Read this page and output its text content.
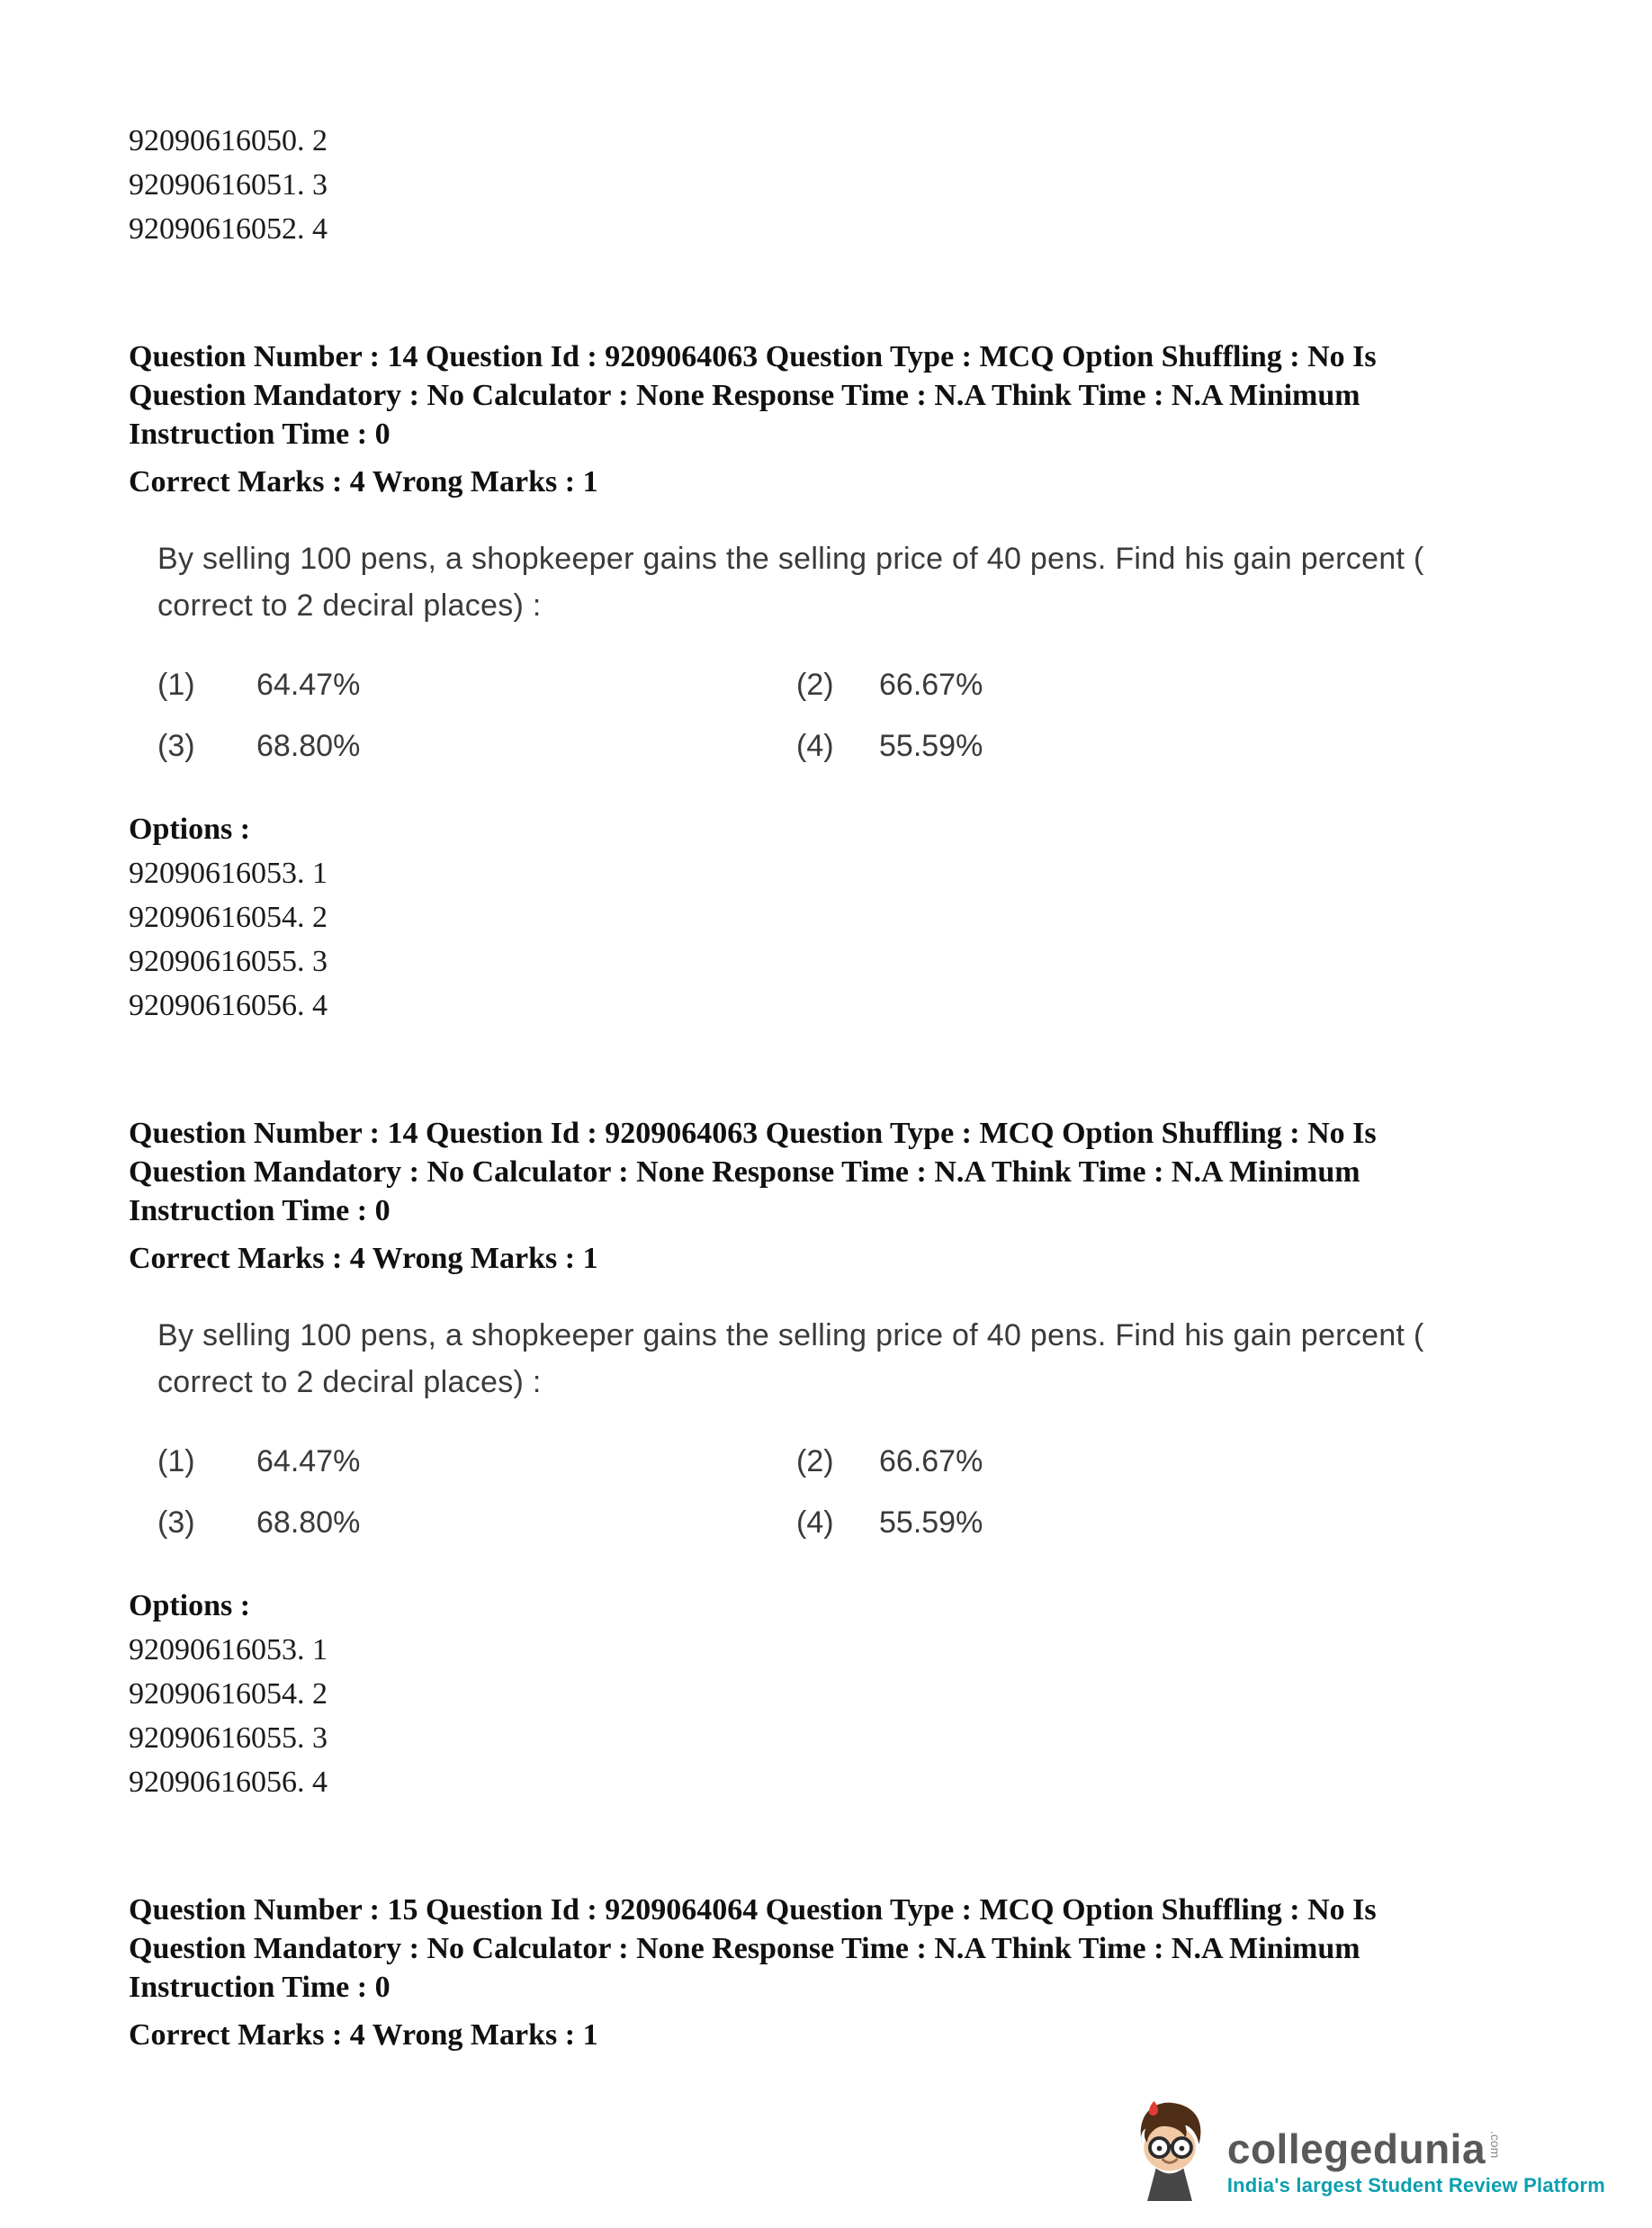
92090616050. 2
92090616051. 3
92090616052. 4
Question Number : 14 Question Id : 9209064063 Question Type : MCQ Option Shuffling : No Is
Question Mandatory : No Calculator : None Response Time : N.A Think Time : N.A Minimum
Instruction Time : 0
Correct Marks : 4 Wrong Marks : 1
By selling 100 pens, a shopkeeper gains the selling price of 40 pens. Find his gain percent (
correct to 2 deciral places) :
(1)	64.47%	(2)	66.67%
(3)	68.80%	(4)	55.59%
Options :
92090616053. 1
92090616054. 2
92090616055. 3
92090616056. 4
Question Number : 14 Question Id : 9209064063 Question Type : MCQ Option Shuffling : No Is
Question Mandatory : No Calculator : None Response Time : N.A Think Time : N.A Minimum
Instruction Time : 0
Correct Marks : 4 Wrong Marks : 1
By selling 100 pens, a shopkeeper gains the selling price of 40 pens. Find his gain percent (
correct to 2 deciral places) :
(1)	64.47%	(2)	66.67%
(3)	68.80%	(4)	55.59%
Options :
92090616053. 1
92090616054. 2
92090616055. 3
92090616056. 4
Question Number : 15 Question Id : 9209064064 Question Type : MCQ Option Shuffling : No Is
Question Mandatory : No Calculator : None Response Time : N.A Think Time : N.A Minimum
Instruction Time : 0
Correct Marks : 4 Wrong Marks : 1
collegedunia .com
India's largest Student Review Platform
